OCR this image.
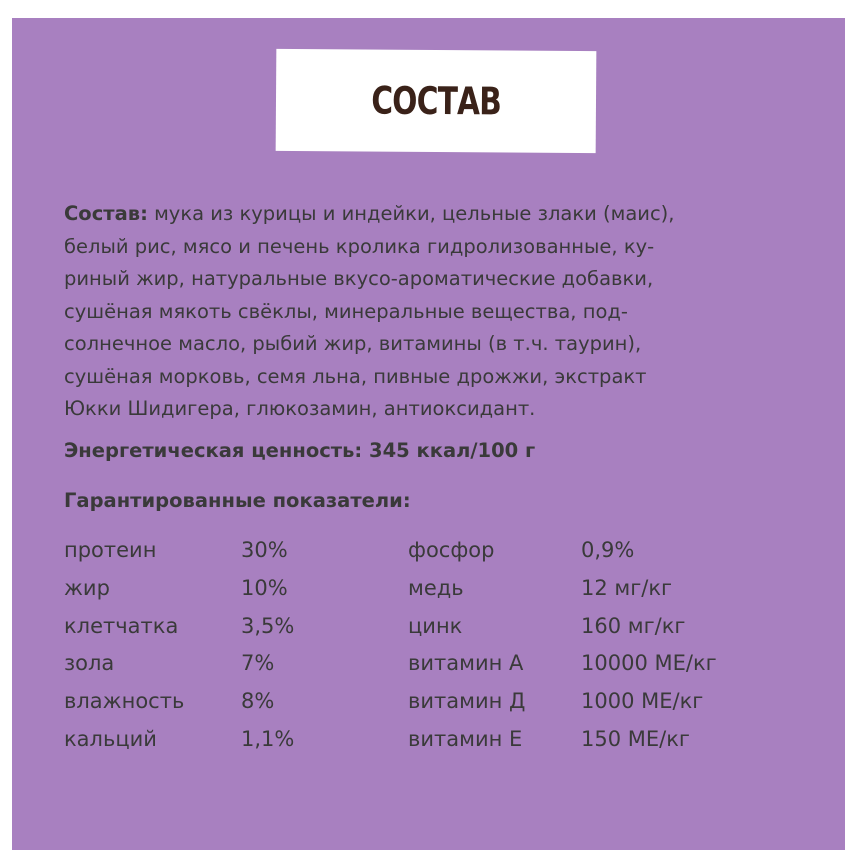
СОСТАВ
Состав: мука из курицы и индейки, цельные злаки (маис),
белый рис, мясо и печень кролика гидролизованные, ку-
риный жир, натуральные вкусо-ароматические добавки,
сушёная мякоть свёклы, минеральные вещества, под-
солнечное масло, рыбий жир, витамины (в т.ч. таурин),
сушёная морковь, семя льна, пивные дрожжи, экстракт
Юкки Шидигера, глюкозамин, антиоксидант.
Энергетическая ценность: 345 ккал/100 г
Гарантированные показатели:
протеин	30%	фосфор	0,9%
жир	10%	медь	12 мг/кг
клетчатка	3,5%	цинк	160 мг/кг
зола	7%	витамин А	10000 МЕ/кг
влажность	8%	витамин Д	1000 МЕ/кг
кальций	1,1%	витамин Е	150 МЕ/кг
